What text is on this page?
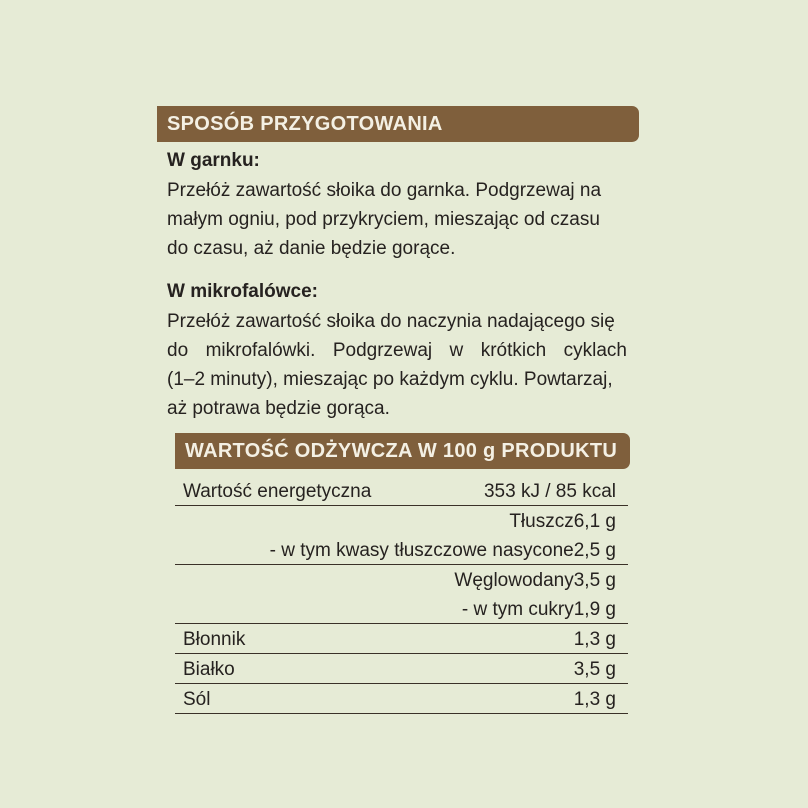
SPOSÓB PRZYGOTOWANIA
W garnku:
Przełóż zawartość słoika do garnka. Podgrzewaj na
małym ogniu, pod przykryciem, mieszając od czasu
do czasu, aż danie będzie gorące.
W mikrofalówce:
Przełóż zawartość słoika do naczynia nadającego się
do mikrofalówki. Podgrzewaj w krótkich cyklach
(1–2 minuty), mieszając po każdym cyklu. Powtarzaj,
aż potrawa będzie gorąca.
WARTOŚĆ ODŻYWCZA W 100 g PRODUKTU
Wartość energetyczna	353 kJ / 85 kcal
Tłuszcz 6,1 g
- w tym kwasy tłuszczowe nasycone 2,5 g
Węglowodany 3,5 g
- w tym cukry 1,9 g
Błonnik	1,3 g
Białko	3,5 g
Sól	1,3 g
